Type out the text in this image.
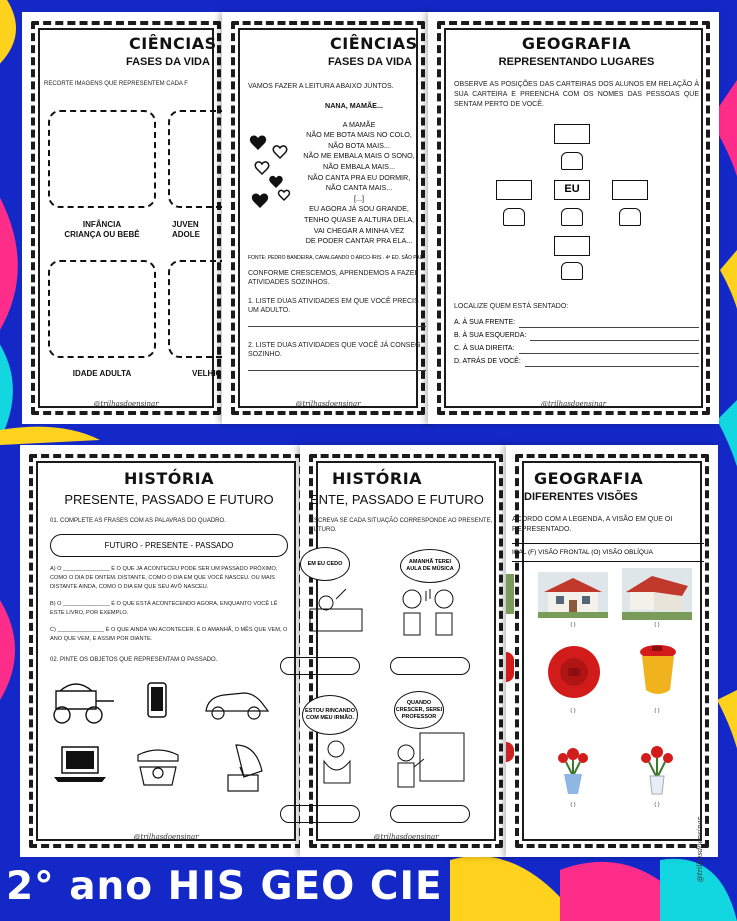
CIÊNCIAS
FASES DA VIDA
RECORTE IMAGENS QUE REPRESENTEM CADA F
INFÂNCIA
CRIANÇA OU BEBÊ
JUVEN
ADOLE
IDADE ADULTA	VELHIC
@trilhasdoensinar
CIÊNCIAS
FASES DA VIDA
VAMOS FAZER A LEITURA ABAIXO JUNTOS.
NANA, MAMÃE...
A MAMÃE
NÃO ME BOTA MAIS NO COLO,
NÃO BOTA MAIS...
NÃO ME EMBALA MAIS O SONO,
NÃO EMBALA MAIS...
NÃO CANTA PRA EU DORMIR,
NÃO CANTA MAIS...
[...]
EU AGORA JÁ SOU GRANDE,
TENHO QUASE A ALTURA DELA,
VAI CHEGAR A MINHA VEZ
DE PODER CANTAR PRA ELA...
FONTE: PEDRO BANDEIRA, CAVALGANDO O ARCO-ÍRIS . 4ª ED. SÃO PAU
CONFORME CRESCEMOS, APRENDEMOS A FAZEI ATIVIDADES SOZINHOS.
1. LISTE DUAS ATIVIDADES EM QUE VOCÊ PRECIS UM ADULTO.
2. LISTE DUAS ATIVIDADES QUE VOCÊ JÁ CONSEG SOZINHO.
@trilhasdoensinar
GEOGRAFIA
REPRESENTANDO LUGARES
OBSERVE AS POSIÇÕES DAS CARTEIRAS DOS ALUNOS EM RELAÇÃO À SUA CARTEIRA E PREENCHA COM OS NOMES DAS PESSOAS QUE SENTAM PERTO DE VOCÊ.
EU
LOCALIZE QUEM ESTÁ SENTADO:
A. À SUA FRENTE:
B. À SUA ESQUERDA:
C. À SUA DIREITA:
D. ATRÁS DE VOCÊ:
@trilhasdoensinar
HISTÓRIA
PRESENTE, PASSADO E FUTURO
01. COMPLETE AS FRASES COM AS PALAVRAS DO QUADRO.
FUTURO - PRESENTE - PASSADO
A) O _______________ É O QUE JÁ ACONTECEU PODE SER UM PASSADO PRÓXIMO, COMO O DIA DE ONTEM. DISTANTE, COMO O DIA EM QUE VOCÊ NASCEU. OU MAIS DISTANTE AINDA, COMO O DIA EM QUE SEU AVÔ NASCEU.
B) O _______________ É O QUE ESTÁ ACONTECENDO AGORA, ENQUANTO VOCÊ LÊ ESTE LIVRO, POR EXEMPLO.
C) _______________ É O QUE AINDA VAI ACONTECER. É O AMANHÃ, O MÊS QUE VEM, O ANO QUE VEM, E ASSIM POR DIANTE.
02. PINTE OS OBJETOS QUE REPRESENTAM O PASSADO.
@trilhasdoensinar
HISTÓRIA
ENTE, PASSADO E FUTURO
ESCREVA SE CADA SITUAÇÃO CORRESPONDE AO PRESENTE, FUTURO.
EM EU CEDO	AMANHÃ TEREI AULA DE MÚSICA
ESTOU RINCANDO COM MEU IRMÃO.
QUANDO CRESCER, SEREI PROFESSOR
@trilhasdoensinar
GEOGRAFIA
DIFERENTES VISÕES
ACORDO COM A LEGENDA, A VISÃO EM QUE OI REPRESENTADO.
ICAL (F) VISÃO FRONTAL (O) VISÃO OBLÍQUA
( )	( )
( )	( )
( )	( )
@trilhasdoensinar
2° ano HIS GEO CIE
